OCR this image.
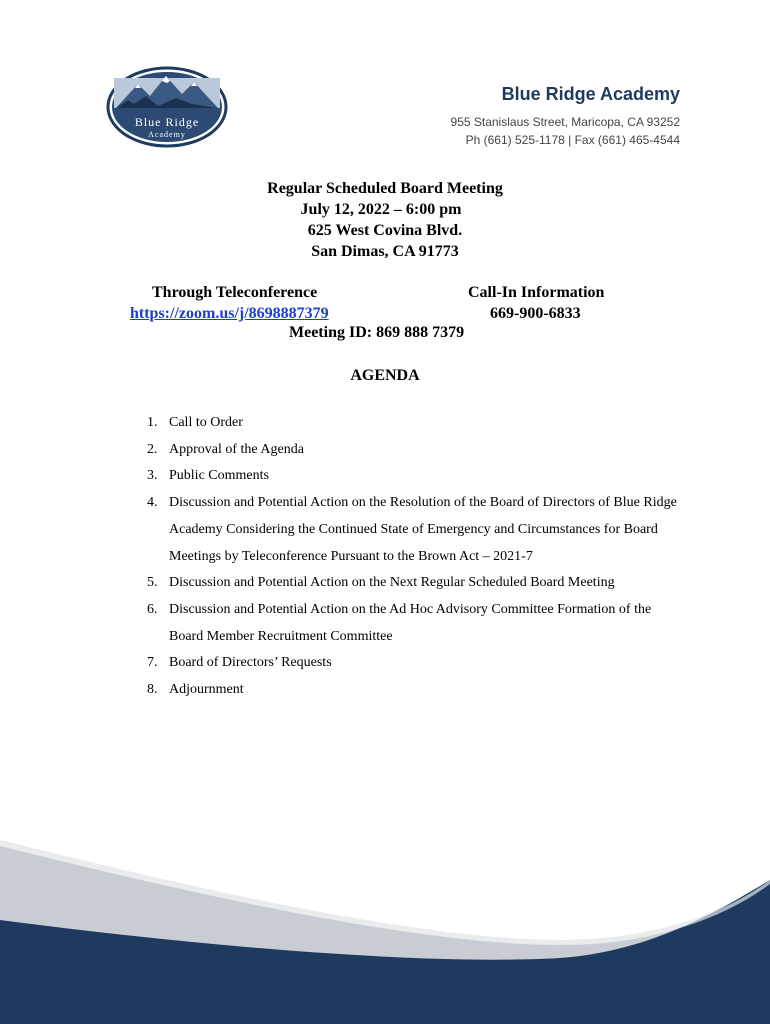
Blue Ridge
Academy
Blue Ridge Academy
955 Stanislaus Street, Maricopa, CA 93252
Ph (661) 525-1178 | Fax (661) 465-4544
Regular Scheduled Board Meeting
July 12, 2022 – 6:00 pm
625 West Covina Blvd.
San Dimas, CA 91773
Through Teleconference
https://zoom.us/j/8698887379
Call-In Information
669-900-6833
Meeting ID: 869 888 7379
AGENDA
1. Call to Order
2. Approval of the Agenda
3. Public Comments
4. Discussion and Potential Action on the Resolution of the Board of Directors of Blue Ridge Academy Considering the Continued State of Emergency and Circumstances for Board Meetings by Teleconference Pursuant to the Brown Act – 2021-7
5. Discussion and Potential Action on the Next Regular Scheduled Board Meeting
6. Discussion and Potential Action on the Ad Hoc Advisory Committee Formation of the Board Member Recruitment Committee
7. Board of Directors’ Requests
8. Adjournment
